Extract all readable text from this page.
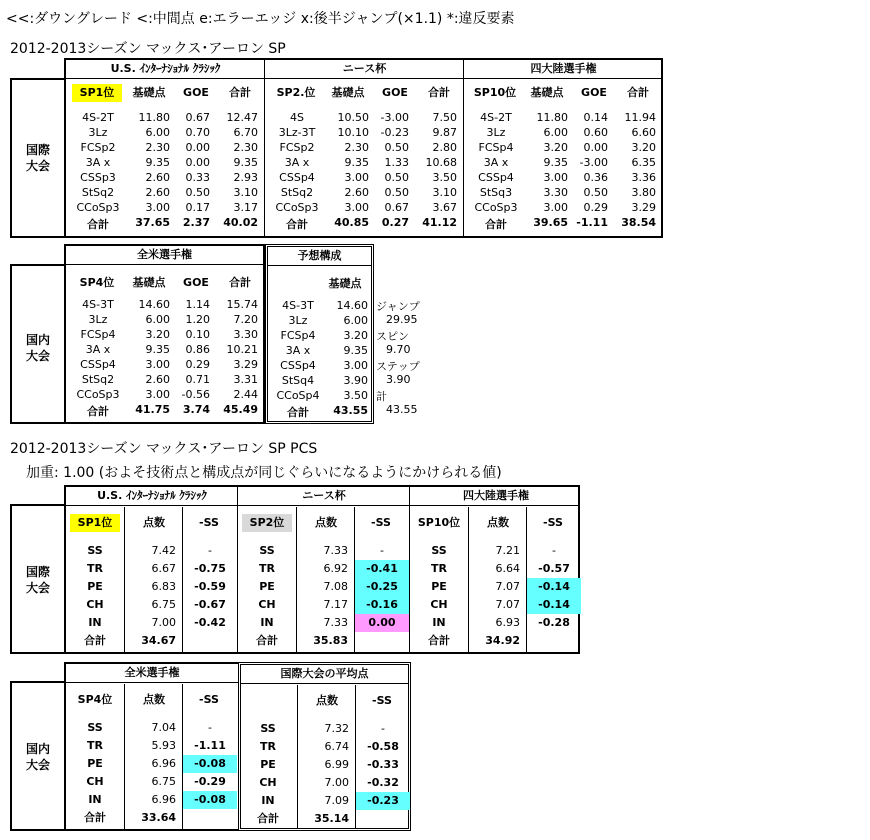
<<:ダウングレード <:中間点 e:エラーエッジ x:後半ジャンプ(×1.1) *:違反要素
2012-2013シーズン マックス･アーロン SP
国際
大会
U.S. ｲﾝﾀｰﾅｼｮﾅﾙ ｸﾗｼｯｸ
SP1位	基礎点	GOE	合計
4S-2T	11.80	0.67	12.47
3Lz	6.00	0.70	6.70
FCSp2	2.30	0.00	2.30
3A x	9.35	0.00	9.35
CSSp3	2.60	0.33	2.93
StSq2	2.60	0.50	3.10
CCoSp3	3.00	0.17	3.17
合計	37.65	2.37	40.02
ニース杯
SP2.位	基礎点	GOE	合計
4S	10.50	-3.00	7.50
3Lz-3T	10.10	-0.23	9.87
FCSp2	2.30	0.50	2.80
3A x	9.35	1.33	10.68
CSSp4	3.00	0.50	3.50
StSq2	2.60	0.50	3.10
CCoSp3	3.00	0.67	3.67
合計	40.85	0.27	41.12
四大陸選手権
SP10位	基礎点	GOE	合計
4S-2T	11.80	0.14	11.94
3Lz	6.00	0.60	6.60
FCSp4	3.20	0.00	3.20
3A x	9.35	-3.00	6.35
CSSp4	3.00	0.36	3.36
StSq3	3.30	0.50	3.80
CCoSp3	3.00	0.29	3.29
合計	39.65 -1.11	38.54
国内
大会
全米選手権
SP4位	基礎点	GOE	合計
4S-3T	14.60	1.14	15.74
3Lz	6.00	1.20	7.20
FCSp4	3.20	0.10	3.30
3A x	9.35	0.86	10.21
CSSp4	3.00	0.29	3.29
StSq2	2.60	0.71	3.31
CCoSp3	3.00	-0.56	2.44
合計	41.75	3.74	45.49
予想構成
基礎点
4S-3T	14.60
3Lz	6.00
FCSp4	3.20
3A x	9.35
CSSp4	3.00
StSq4	3.90
CCoSp4	3.50
合計	43.55
ジャンプ
29.95
スピン
9.70
ステップ
3.90
計
43.55
2012-2013シーズン マックス･アーロン SP PCS
加重: 1.00 (およそ技術点と構成点が同じぐらいになるようにかけられる値)
国際
大会
U.S. ｲﾝﾀｰﾅｼｮﾅﾙ ｸﾗｼｯｸ
SP1位	点数	-SS
SS	7.42	-
TR	6.67	-0.75
PE	6.83	-0.59
CH	6.75	-0.67
IN	7.00	-0.42
合計	34.67
ニース杯
SP2位	点数	-SS
SS	7.33	-
TR	6.92	-0.41
PE	7.08	-0.25
CH	7.17	-0.16
IN	7.33	0.00
合計	35.83
四大陸選手権
SP10位	点数	-SS
SS	7.21	-
TR	6.64	-0.57
PE	7.07	-0.14
CH	7.07	-0.14
IN	6.93	-0.28
合計	34.92
国内
大会
全米選手権
SP4位	点数	-SS
SS	7.04	-
TR	5.93	-1.11
PE	6.96	-0.08
CH	6.75	-0.29
IN	6.96	-0.08
合計	33.64
国際大会の平均点
点数	-SS
SS	7.32	-
TR	6.74	-0.58
PE	6.99	-0.33
CH	7.00	-0.32
IN	7.09	-0.23
合計	35.14
